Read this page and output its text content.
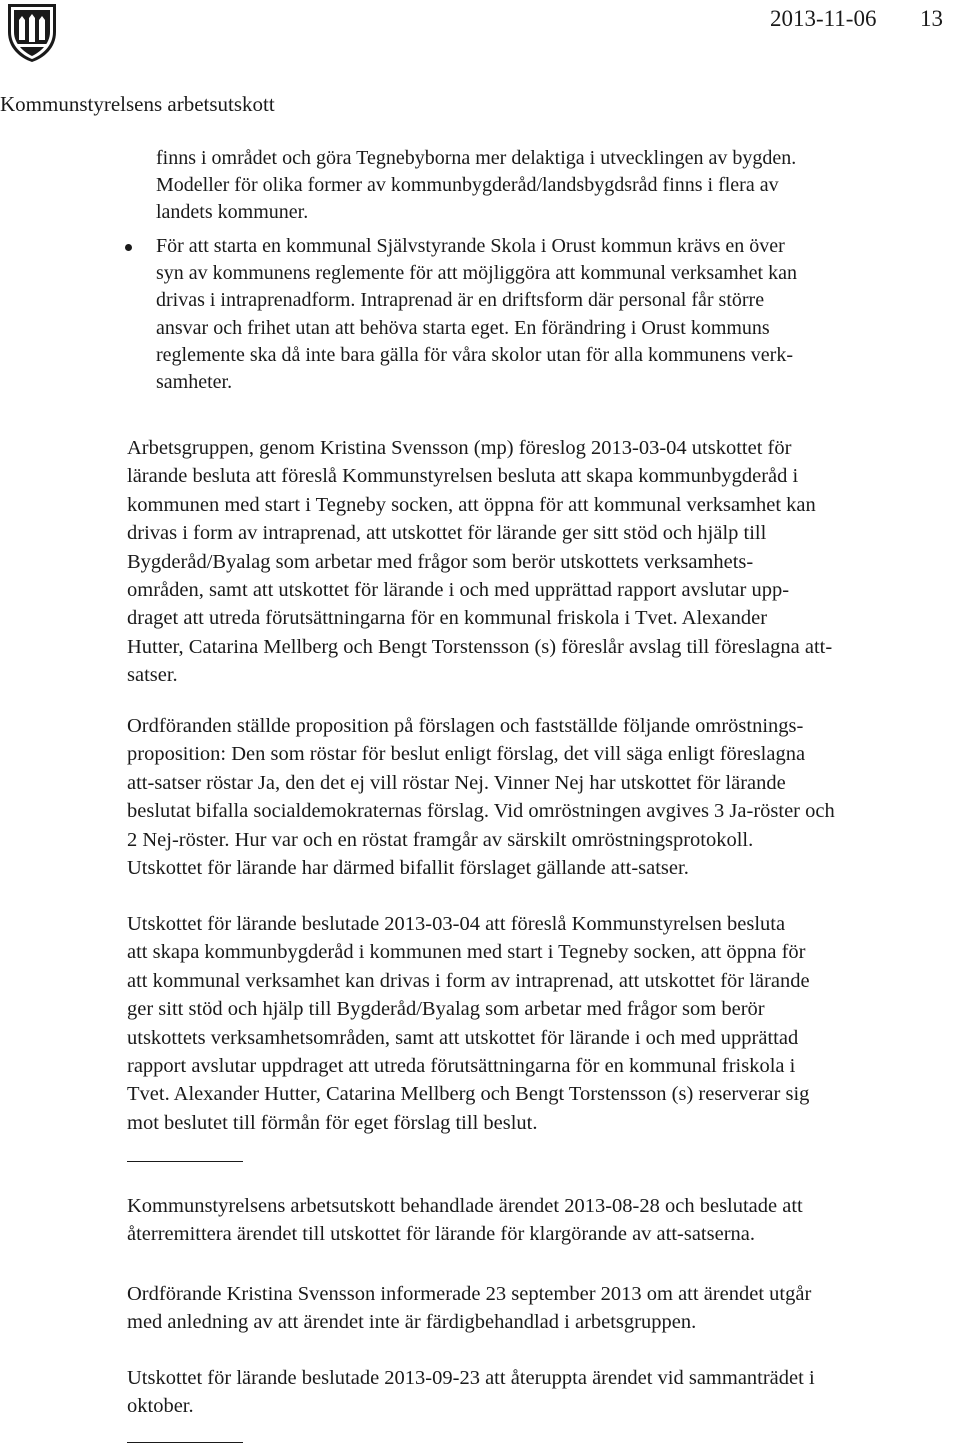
2013-11-06 13
Kommunstyrelsens arbetsutskott
finns i området och göra Tegnebyborna mer delaktiga i utvecklingen av bygden.
Modeller för olika former av kommunbygderåd/landsbygdsråd finns i flera av
landets kommuner.
För att starta en kommunal Självstyrande Skola i Orust kommun krävs en över
syn av kommunens reglemente för att möjliggöra att kommunal verksamhet kan
drivas i intraprenadform. Intraprenad är en driftsform där personal får större
ansvar och frihet utan att behöva starta eget. En förändring i Orust kommuns
reglemente ska då inte bara gälla för våra skolor utan för alla kommunens verk-
samheter.
Arbetsgruppen, genom Kristina Svensson (mp) föreslog 2013-03-04 utskottet för
lärande besluta att föreslå Kommunstyrelsen besluta att skapa kommunbygderåd i
kommunen med start i Tegneby socken, att öppna för att kommunal verksamhet kan
drivas i form av intraprenad, att utskottet för lärande ger sitt stöd och hjälp till
Bygderåd/Byalag som arbetar med frågor som berör utskottets verksamhets-
områden, samt att utskottet för lärande i och med upprättad rapport avslutar upp-
draget att utreda förutsättningarna för en kommunal friskola i Tvet. Alexander
Hutter, Catarina Mellberg och Bengt Torstensson (s) föreslår avslag till föreslagna att-
satser.
Ordföranden ställde proposition på förslagen och fastställde följande omröstnings-
proposition: Den som röstar för beslut enligt förslag, det vill säga enligt föreslagna
att-satser röstar Ja, den det ej vill röstar Nej. Vinner Nej har utskottet för lärande
beslutat bifalla socialdemokraternas förslag. Vid omröstningen avgives 3 Ja-röster och
2 Nej-röster. Hur var och en röstat framgår av särskilt omröstningsprotokoll.
Utskottet för lärande har därmed bifallit förslaget gällande att-satser.
Utskottet för lärande beslutade 2013-03-04 att föreslå Kommunstyrelsen besluta
att skapa kommunbygderåd i kommunen med start i Tegneby socken, att öppna för
att kommunal verksamhet kan drivas i form av intraprenad, att utskottet för lärande
ger sitt stöd och hjälp till Bygderåd/Byalag som arbetar med frågor som berör
utskottets verksamhetsområden, samt att utskottet för lärande i och med upprättad
rapport avslutar uppdraget att utreda förutsättningarna för en kommunal friskola i
Tvet. Alexander Hutter, Catarina Mellberg och Bengt Torstensson (s) reserverar sig
mot beslutet till förmån för eget förslag till beslut.
Kommunstyrelsens arbetsutskott behandlade ärendet 2013-08-28 och beslutade att
återremittera ärendet till utskottet för lärande för klargörande av att-satserna.
Ordförande Kristina Svensson informerade 23 september 2013 om att ärendet utgår
med anledning av att ärendet inte är färdigbehandlad i arbetsgruppen.
Utskottet för lärande beslutade 2013-09-23 att återuppta ärendet vid sammanträdet i
oktober.
